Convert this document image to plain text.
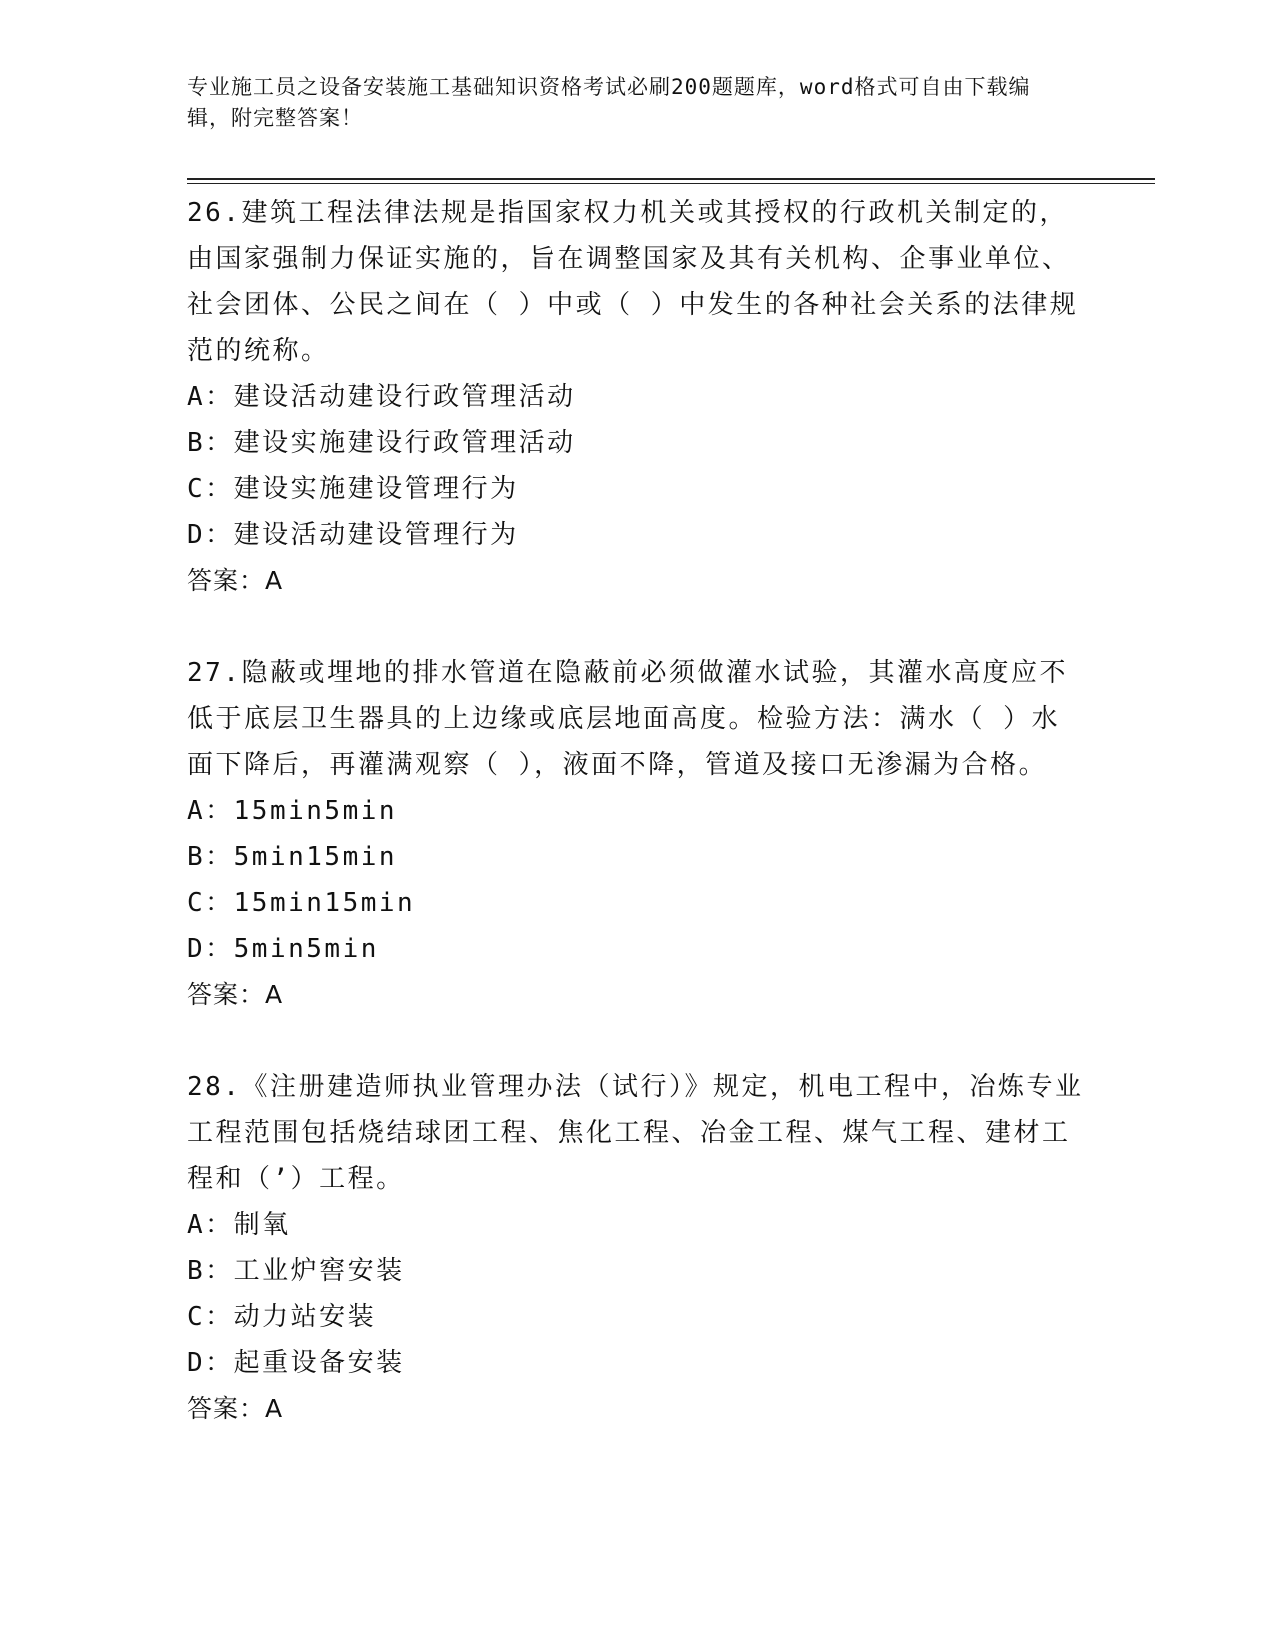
专业施工员之设备安装施工基础知识资格考试必刷200题题库，word格式可自由下载编辑，附完整答案！
26.建筑工程法律法规是指国家权力机关或其授权的行政机关制定的，由国家强制力保证实施的，旨在调整国家及其有关机构、企事业单位、社会团体、公民之间在（ ）中或（ ）中发生的各种社会关系的法律规范的统称。
A：建设活动建设行政管理活动
B：建设实施建设行政管理活动
C：建设实施建设管理行为
D：建设活动建设管理行为
答案：A
27.隐蔽或埋地的排水管道在隐蔽前必须做灌水试验，其灌水高度应不低于底层卫生器具的上边缘或底层地面高度。检验方法：满水（ ）水面下降后，再灌满观察（ ），液面不降，管道及接口无渗漏为合格。
A：15min5min
B：5min15min
C：15min15min
D：5min5min
答案：A
28.《注册建造师执业管理办法（试行）》规定，机电工程中，冶炼专业工程范围包括烧结球团工程、焦化工程、冶金工程、煤气工程、建材工程和（’）工程。
A：制氧
B：工业炉窖安装
C：动力站安装
D：起重设备安装
答案：A
